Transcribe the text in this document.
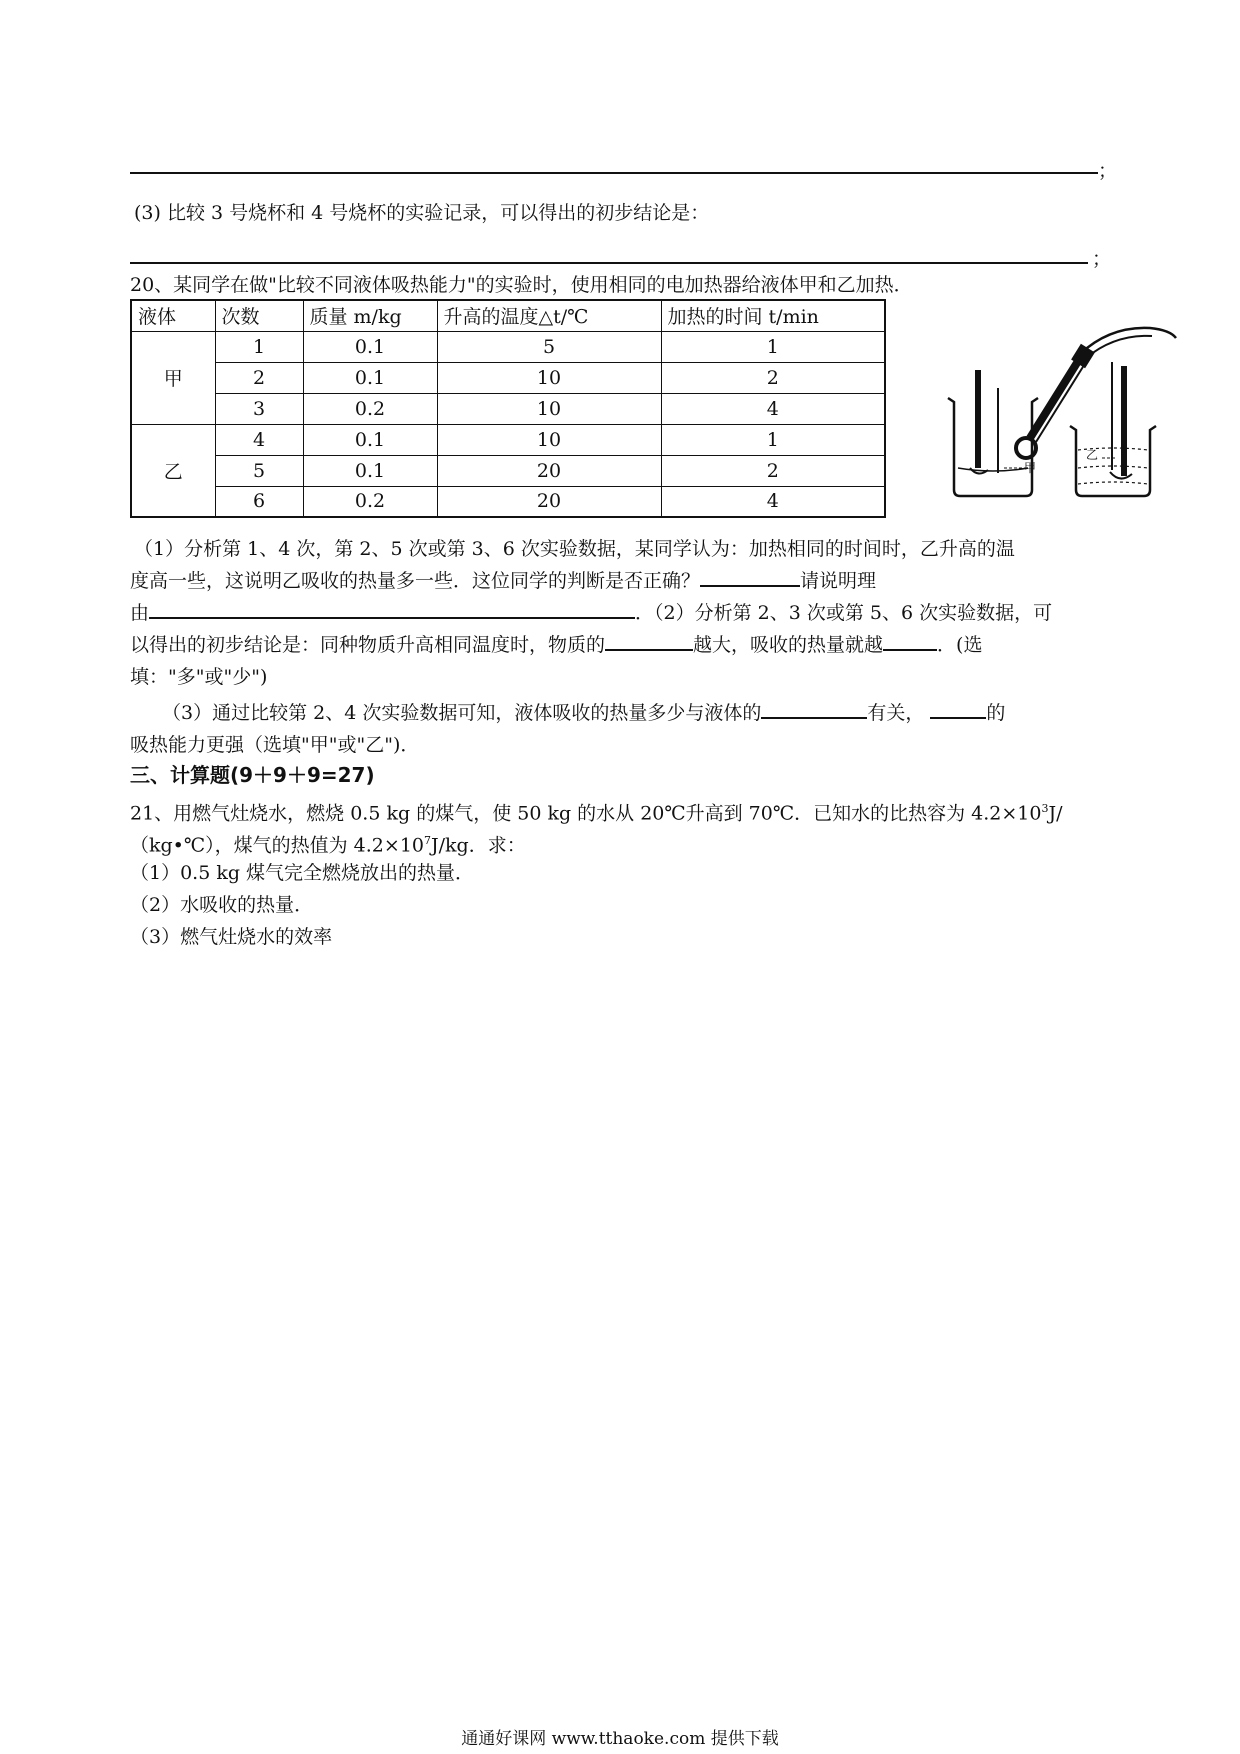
；
(3) 比较 3 号烧杯和 4 号烧杯的实验记录，可以得出的初步结论是：
；
20、某同学在做"比较不同液体吸热能力"的实验时，使用相同的电加热器给液体甲和乙加热．
液体	次数	质量 m/kg	升高的温度△t/℃	加热的时间 t/min
甲	1	0.1	5	1
	2	0.1	10	2
	3	0.2	10	4
乙	4	0.1	10	1
	5	0.1	20	2
	6	0.2	20	4
甲
乙
（1）分析第 1、4 次，第 2、5 次或第 3、6 次实验数据，某同学认为：加热相同的时间时，乙升高的温
度高一些，这说明乙吸收的热量多一些．这位同学的判断是否正确？	请说明理
由	．（2）分析第 2、3 次或第 5、6 次实验数据，可
以得出的初步结论是：同种物质升高相同温度时，物质的	越大，吸收的热量就越	．(选
填："多"或"少")
（3）通过比较第 2、4 次实验数据可知，液体吸收的热量多少与液体的	有关，	的
吸热能力更强（选填"甲"或"乙")．
三、计算题(9＋9＋9=27)
21、用燃气灶烧水，燃烧 0.5 kg 的煤气，使 50 kg 的水从 20℃升高到 70℃．已知水的比热容为 $4.2\times 10^3J/$
（kg•℃），煤气的热值为 $4.2\times 10^7J/kg$．求：
（1）0.5 kg 煤气完全燃烧放出的热量．
（2）水吸收的热量．
（3）燃气灶烧水的效率
通通好课网 www.tthaoke.com 提供下载
